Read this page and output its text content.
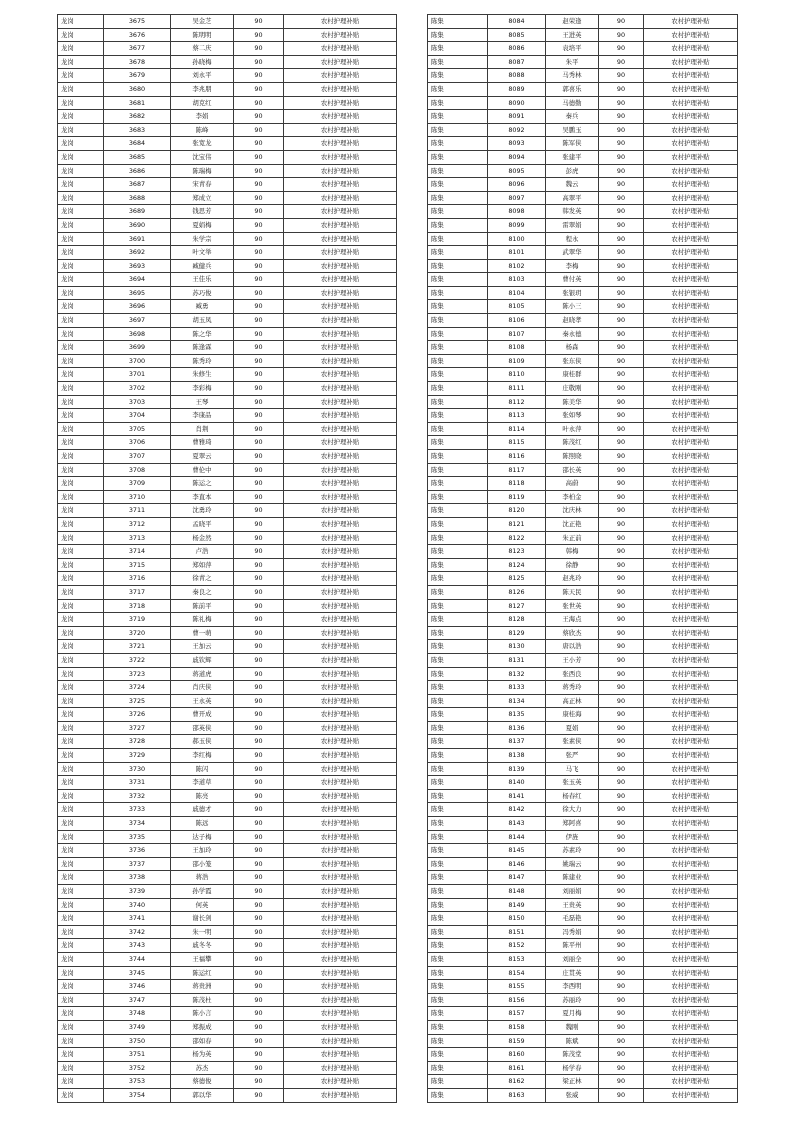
龙岗	3675	吴金芝	90	农村护理补贴
龙岗	3676	陈明明	90	农村护理补贴
龙岗	3677	蔡二庆	90	农村护理补贴
龙岗	3678	孙晓梅	90	农村护理补贴
龙岗	3679	刘永平	90	农村护理补贴
龙岗	3680	李兆朋	90	农村护理补贴
龙岗	3681	胡克红	90	农村护理补贴
龙岗	3682	李娟	90	农村护理补贴
龙岗	3683	陈峰	90	农村护理补贴
龙岗	3684	张宽龙	90	农村护理补贴
龙岗	3685	沈宝伟	90	农村护理补贴
龙岗	3686	陈瑞梅	90	农村护理补贴
龙岗	3687	宋青春	90	农村护理补贴
龙岗	3688	郑成立	90	农村护理补贴
龙岗	3689	钱思芳	90	农村护理补贴
龙岗	3690	夏娟梅	90	农村护理补贴
龙岗	3691	朱学宗	90	农村护理补贴
龙岗	3692	叶文举	90	农村护理补贴
龙岗	3693	臧健兵	90	农村护理补贴
龙岗	3694	王佳乐	90	农村护理补贴
龙岗	3695	苏巧俊	90	农村护理补贴
龙岗	3696	臧勇	90	农村护理补贴
龙岗	3697	胡玉凤	90	农村护理补贴
龙岗	3698	陈之华	90	农村护理补贴
龙岗	3699	陈逢霖	90	农村护理补贴
龙岗	3700	陈秀玲	90	农村护理补贴
龙岗	3701	朱修生	90	农村护理补贴
龙岗	3702	李彩梅	90	农村护理补贴
龙岗	3703	王琴	90	农村护理补贴
龙岗	3704	李康品	90	农村护理补贴
龙岗	3705	肖荆	90	农村护理补贴
龙岗	3706	曹雅琦	90	农村护理补贴
龙岗	3707	夏翠云	90	农村护理补贴
龙岗	3708	曹伦中	90	农村护理补贴
龙岗	3709	陈运之	90	农村护理补贴
龙岗	3710	李直本	90	农村护理补贴
龙岗	3711	沈勇玲	90	农村护理补贴
龙岗	3712	孟晓平	90	农村护理补贴
龙岗	3713	杨金然	90	农村护理补贴
龙岗	3714	卢浩	90	农村护理补贴
龙岗	3715	郑如萍	90	农村护理补贴
龙岗	3716	徐青之	90	农村护理补贴
龙岗	3717	秦良之	90	农村护理补贴
龙岗	3718	陈前平	90	农村护理补贴
龙岗	3719	陈礼梅	90	农村护理补贴
龙岗	3720	曹一萌	90	农村护理补贴
龙岗	3721	王加云	90	农村护理补贴
龙岗	3722	戚钦辉	90	农村护理补贴
龙岗	3723	蒋道虎	90	农村护理补贴
龙岗	3724	肖庆侠	90	农村护理补贴
龙岗	3725	王永英	90	农村护理补贴
龙岗	3726	曹开成	90	农村护理补贴
龙岗	3727	邵英侠	90	农村护理补贴
龙岗	3728	郝玉侠	90	农村护理补贴
龙岗	3729	李红梅	90	农村护理补贴
龙岗	3730	陈闪	90	农村护理补贴
龙岗	3731	李道草	90	农村护理补贴
龙岗	3732	陈亮	90	农村护理补贴
龙岗	3733	戚德才	90	农村护理补贴
龙岗	3734	陈远	90	农村护理补贴
龙岗	3735	达子梅	90	农村护理补贴
龙岗	3736	王加玲	90	农村护理补贴
龙岗	3737	邵小笼	90	农村护理补贴
龙岗	3738	蒋浩	90	农村护理补贴
龙岗	3739	孙学霞	90	农村护理补贴
龙岗	3740	何英	90	农村护理补贴
龙岗	3741	谢长剑	90	农村护理补贴
龙岗	3742	朱一明	90	农村护理补贴
龙岗	3743	戚冬冬	90	农村护理补贴
龙岗	3744	王福攀	90	农村护理补贴
龙岗	3745	陈运红	90	农村护理补贴
龙岗	3746	蒋贵洲	90	农村护理补贴
龙岗	3747	陈茂杜	90	农村护理补贴
龙岗	3748	陈小言	90	农村护理补贴
龙岗	3749	郑振成	90	农村护理补贴
龙岗	3750	邵如春	90	农村护理补贴
龙岗	3751	杨为英	90	农村护理补贴
龙岗	3752	苏杰	90	农村护理补贴
龙岗	3753	蔡德俊	90	农村护理补贴
龙岗	3754	郭以华	90	农村护理补贴
陈集	8084	赵荣逢	90	农村护理补贴
陈集	8085	王进英	90	农村护理补贴
陈集	8086	袁培平	90	农村护理补贴
陈集	8087	朱平	90	农村护理补贴
陈集	8088	马秀林	90	农村护理补贴
陈集	8089	郭喜乐	90	农村护理补贴
陈集	8090	马德勤	90	农村护理补贴
陈集	8091	秦兵	90	农村护理补贴
陈集	8092	吴鹏玉	90	农村护理补贴
陈集	8093	陈军侠	90	农村护理补贴
陈集	8094	张建平	90	农村护理补贴
陈集	8095	彭虎	90	农村护理补贴
陈集	8096	魏云	90	农村护理补贴
陈集	8097	高翠平	90	农村护理补贴
陈集	8098	韩发英	90	农村护理补贴
陈集	8099	雷翠娟	90	农村护理补贴
陈集	8100	程永	90	农村护理补贴
陈集	8101	武翠华	90	农村护理补贴
陈集	8102	李梅	90	农村护理补贴
陈集	8103	曹付英	90	农村护理补贴
陈集	8104	张银玥	90	农村护理补贴
陈集	8105	陈小三	90	农村护理补贴
陈集	8106	赵晓孝	90	农村护理补贴
陈集	8107	秦永德	90	农村护理补贴
陈集	8108	杨森	90	农村护理补贴
陈集	8109	张东侠	90	农村护理补贴
陈集	8110	康桂群	90	农村护理补贴
陈集	8111	庄敬刚	90	农村护理补贴
陈集	8112	陈美华	90	农村护理补贴
陈集	8113	张如琴	90	农村护理补贴
陈集	8114	叶永萍	90	农村护理补贴
陈集	8115	陈茂红	90	农村护理补贴
陈集	8116	陈照晓	90	农村护理补贴
陈集	8117	邵长英	90	农村护理补贴
陈集	8118	高蔚	90	农村护理补贴
陈集	8119	李柏金	90	农村护理补贴
陈集	8120	沈庆林	90	农村护理补贴
陈集	8121	沈正艳	90	农村护理补贴
陈集	8122	朱正前	90	农村护理补贴
陈集	8123	韩梅	90	农村护理补贴
陈集	8124	徐静	90	农村护理补贴
陈集	8125	赵兆玲	90	农村护理补贴
陈集	8126	陈天民	90	农村护理补贴
陈集	8127	张世英	90	农村护理补贴
陈集	8128	王海点	90	农村护理补贴
陈集	8129	蔡欣杰	90	农村护理补贴
陈集	8130	唐以浩	90	农村护理补贴
陈集	8131	王小芳	90	农村护理补贴
陈集	8132	张西良	90	农村护理补贴
陈集	8133	蒋秀玲	90	农村护理补贴
陈集	8134	高正林	90	农村护理补贴
陈集	8135	康桂海	90	农村护理补贴
陈集	8136	夏娟	90	农村护理补贴
陈集	8137	张素侠	90	农村护理补贴
陈集	8138	张严	90	农村护理补贴
陈集	8139	马飞	90	农村护理补贴
陈集	8140	张玉英	90	农村护理补贴
陈集	8141	杨春红	90	农村护理补贴
陈集	8142	徐大力	90	农村护理补贴
陈集	8143	郑阿喜	90	农村护理补贴
陈集	8144	伊旌	90	农村护理补贴
陈集	8145	苏素玲	90	农村护理补贴
陈集	8146	姚瑞云	90	农村护理补贴
陈集	8147	陈建业	90	农村护理补贴
陈集	8148	刘丽娟	90	农村护理补贴
陈集	8149	王贵英	90	农村护理补贴
陈集	8150	毛磊艳	90	农村护理补贴
陈集	8151	冯秀娟	90	农村护理补贴
陈集	8152	陈平州	90	农村护理补贴
陈集	8153	刘丽全	90	农村护理补贴
陈集	8154	庄贯英	90	农村护理补贴
陈集	8155	李西明	90	农村护理补贴
陈集	8156	苏丽玲	90	农村护理补贴
陈集	8157	夏月梅	90	农村护理补贴
陈集	8158	魏刚	90	农村护理补贴
陈集	8159	陈斌	90	农村护理补贴
陈集	8160	陈茂堂	90	农村护理补贴
陈集	8161	杨学春	90	农村护理补贴
陈集	8162	梁正林	90	农村护理补贴
陈集	8163	张威	90	农村护理补贴
